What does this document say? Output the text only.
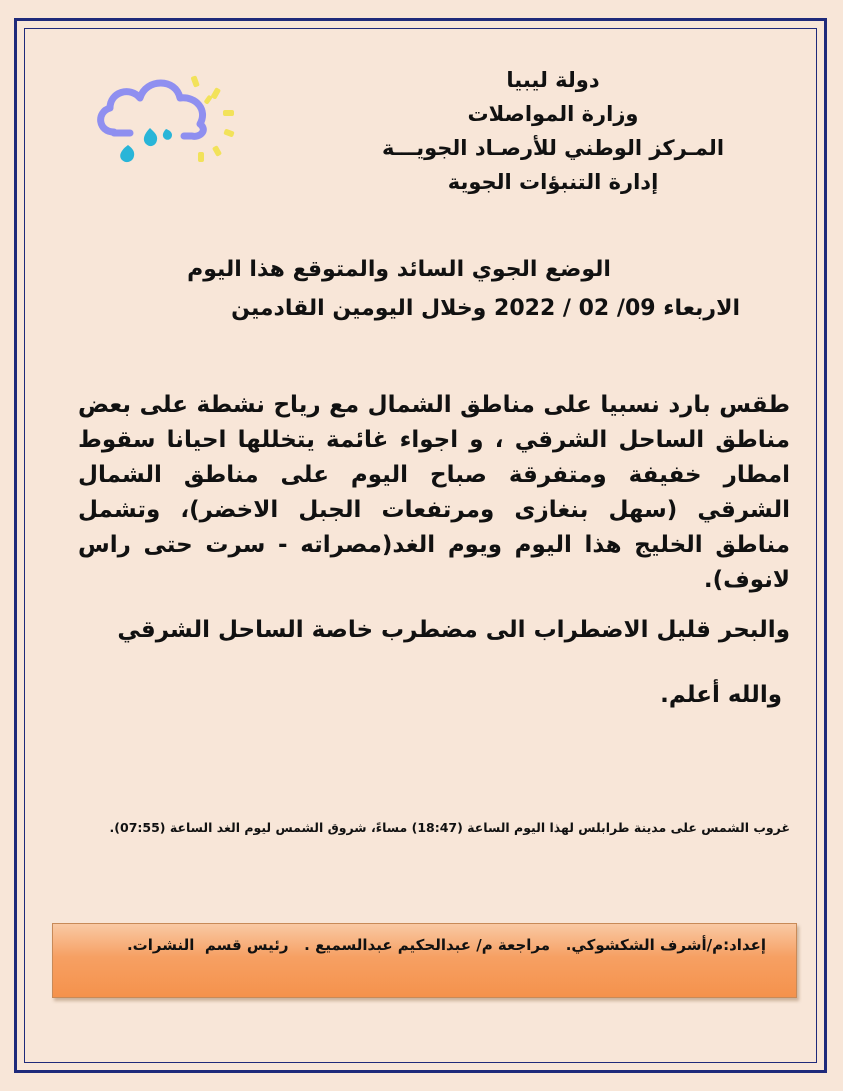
دولة ليبيا
وزارة المواصلات
المـركز الوطني للأرصـاد الجويـــة
إدارة التنبؤات الجوية
الوضع الجوي السائد والمتوقع هذا اليوم
الاربعاء 09/ 02 / 2022 وخلال اليومين القادمين

طقس بارد نسبيا على مناطق الشمال مع رياح نشطة على بعض مناطق الساحل الشرقي ، و اجواء غائمة يتخللها احيانا سقوط امطار خفيفة ومتفرقة صباح اليوم على مناطق الشمال الشرقي (سهل بنغازى ومرتفعات الجبل الاخضر)، وتشمل مناطق الخليج هذا اليوم ويوم الغد(مصراته - سرت حتى راس لانوف).

والبحر قليل الاضطراب الى مضطرب خاصة الساحل الشرقي
والله أعلم.
غروب الشمس على مدينة طرابلس لهذا اليوم الساعة (18:47) مساءً، شروق الشمس ليوم الغد الساعة (07:55).
إعداد:م/أشرف الشكشوكي.   مراجعة م/ عبدالحكيم عبدالسميع .   رئيس قسم  النشرات.
